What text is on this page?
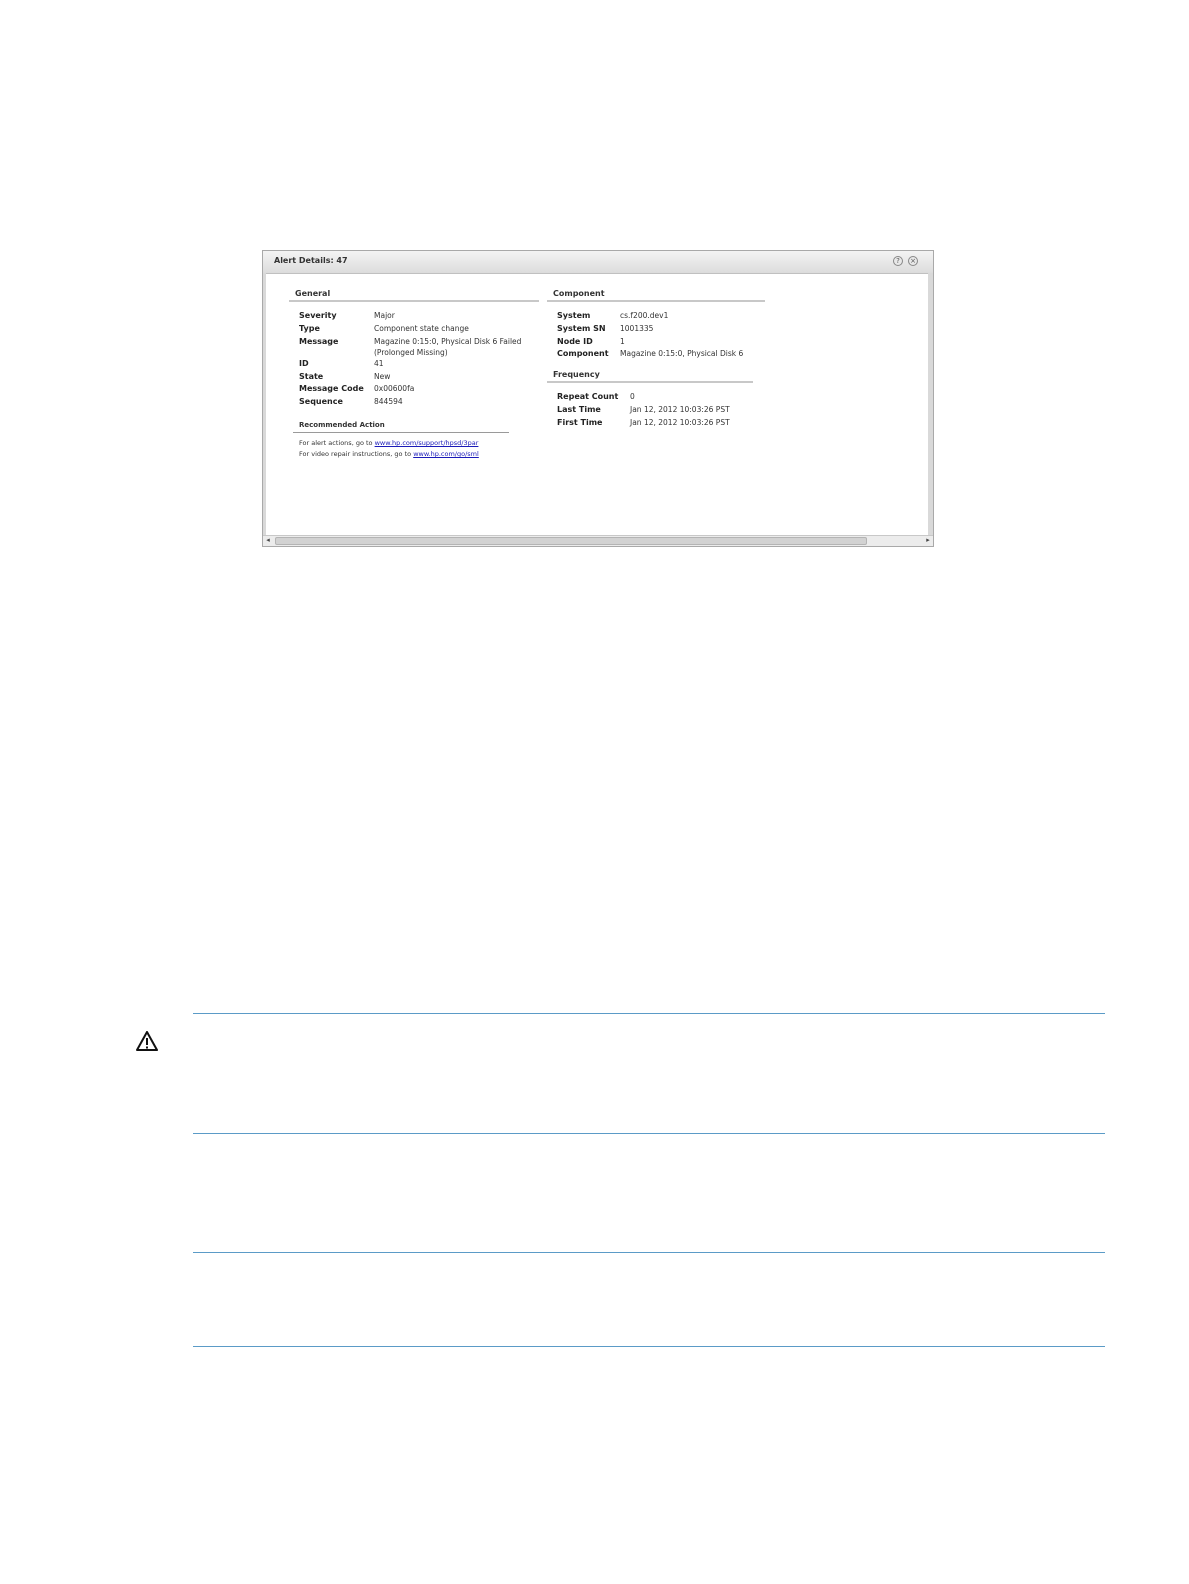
Alert Details: 47	?	×
General
Severity	Major
Type	Component state change
Message	Magazine 0:15:0, Physical Disk 6 Failed
(Prolonged Missing)
ID	41
State	New
Message Code 0x00600fa
Sequence	844594
Recommended Action
For alert actions, go to www.hp.com/support/hpsd/3par
For video repair instructions, go to www.hp.com/go/sml
Component
System	cs.f200.dev1
System SN 1001335
Node ID	1
Component Magazine 0:15:0, Physical Disk 6
Frequency
Repeat Count 0
Last Time	Jan 12, 2012 10:03:26 PST
First Time	Jan 12, 2012 10:03:26 PST
◂	▸
